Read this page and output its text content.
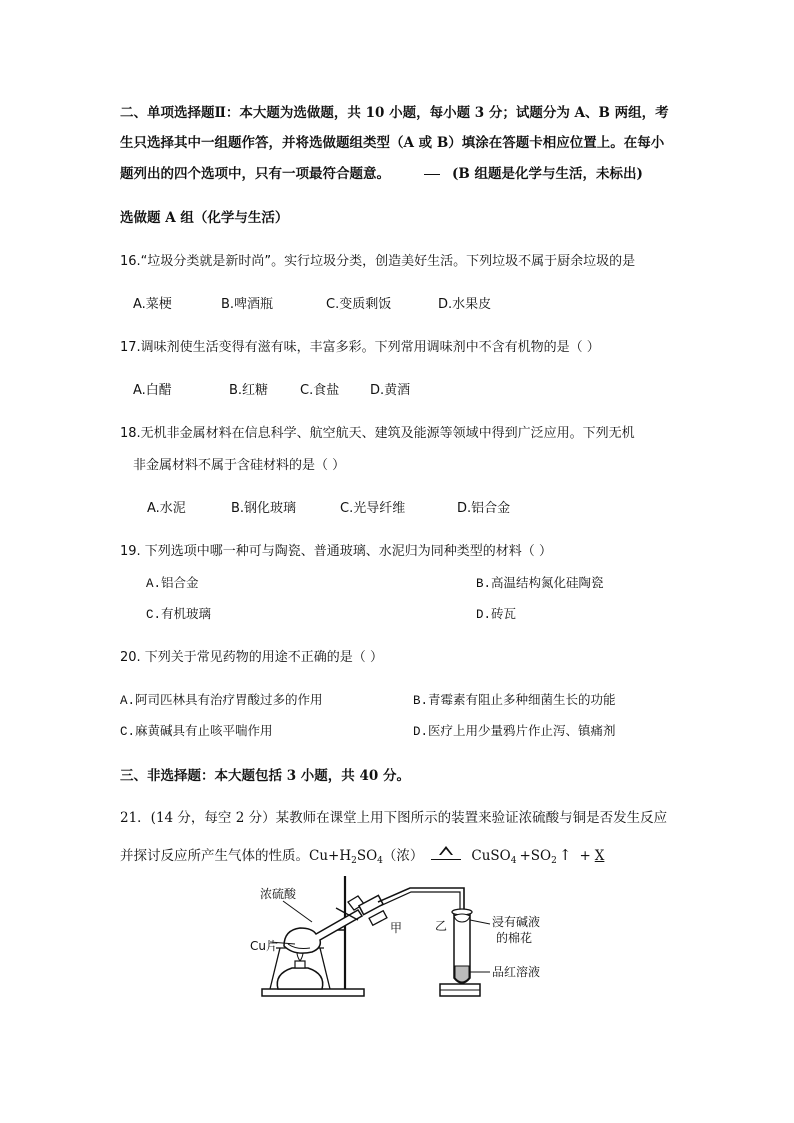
二、单项选择题Ⅱ：本大题为选做题，共 10 小题，每小题 3 分；试题分为 A、B 两组，考
生只选择其中一组题作答，并将选做题组类型（A 或 B）填涂在答题卡相应位置上。在每小
题列出的四个选项中，只有一项最符合题意。	(B 组题是化学与生活，未标出)
选做题 A 组（化学与生活）
16.“垃圾分类就是新时尚”。实行垃圾分类，创造美好生活。下列垃圾不属于厨余垃圾的是
A.菜梗	B.啤酒瓶	C.变质剩饭	D.水果皮
17.调味剂使生活变得有滋有味，丰富多彩。下列常用调味剂中不含有机物的是（ ）
A.白醋	B.红糖 C.食盐 D.黄酒
18.无机非金属材料在信息科学、航空航天、建筑及能源等领域中得到广泛应用。下列无机
非金属材料不属于含硅材料的是（ ）
A.水泥	B.钢化玻璃	C.光导纤维	D.铝合金
19. 下列选项中哪一种可与陶瓷、普通玻璃、水泥归为同种类型的材料（ ）
A.铝合金	B.高温结构氮化硅陶瓷
C.有机玻璃	D.砖瓦
20. 下列关于常见药物的用途不正确的是（ ）
A.阿司匹林具有治疗胃酸过多的作用	B.青霉素有阻止多种细菌生长的功能
C.麻黄碱具有止咳平喘作用	D.医疗上用少量鸦片作止泻、镇痛剂
三、非选择题：本大题包括 3 小题，共 40 分。
21．(14 分，每空 2 分）某教师在课堂上用下图所示的装置来验证浓硫酸与铜是否发生反应
并探讨反应所产生气体的性质。$Cu+H_2SO_4$（浓）	CuSO$_4$ $+SO_2$ ↑ + X
浓硫酸
Cu片
甲	乙	浸有碱液
的棉花
品红溶液
